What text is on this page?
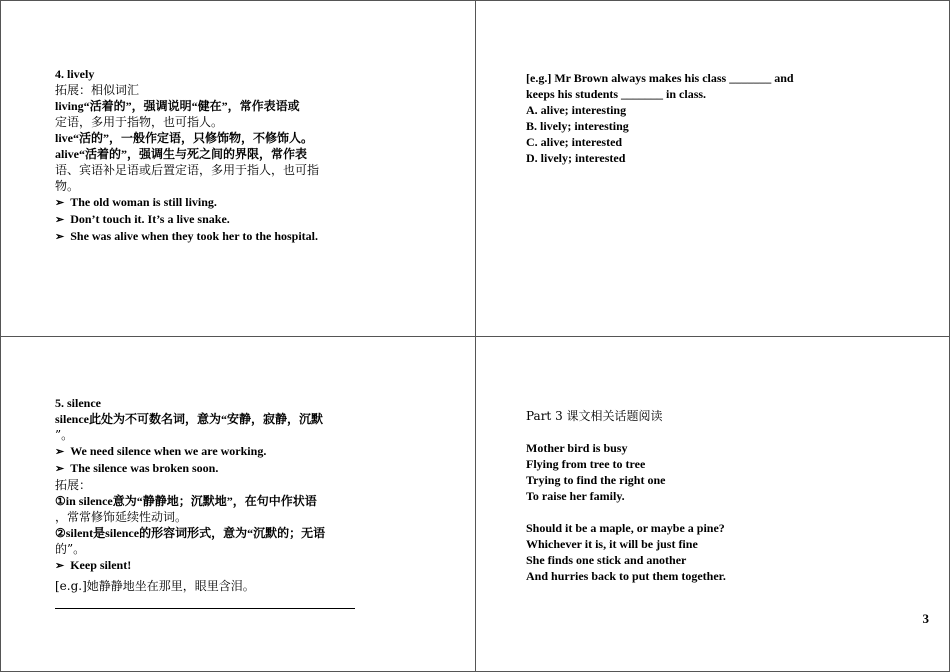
4. lively
拓展：相似词汇
living“活着的”，强调说明“健在”，常作表语或
定语，多用于指物，也可指人。
live“活的”，一般作定语，只修饰物，不修饰人。
alive“活着的”，强调生与死之间的界限，常作表
语、宾语补足语或后置定语，多用于指人，也可指
物。
➢ The old woman is still living.
➢ Don’t touch it. It’s a live snake.
➢ She was alive when they took her to the hospital.
[e.g.] Mr Brown always makes his class _______ and
keeps his students _______ in class.
A. alive; interesting
B. lively; interesting
C. alive; interested
D. lively; interested
5. silence
silence此处为不可数名词，意为“安静，寂静，沉默
”。
➢ We need silence when we are working.
➢ The silence was broken soon.
拓展：
①in silence意为“静静地；沉默地”，在句中作状语
，常常修饰延续性动词。
②silent是silence的形容词形式，意为“沉默的；无语
的”。
➢ Keep silent!
[e.g.]她静静地坐在那里，眼里含泪。
Part 3 课文相关话题阅读
Mother bird is busy
Flying from tree to tree
Trying to find the right one
To raise her family.
Should it be a maple, or maybe a pine?
Whichever it is, it will be just fine
She finds one stick and another
And hurries back to put them together.
3
